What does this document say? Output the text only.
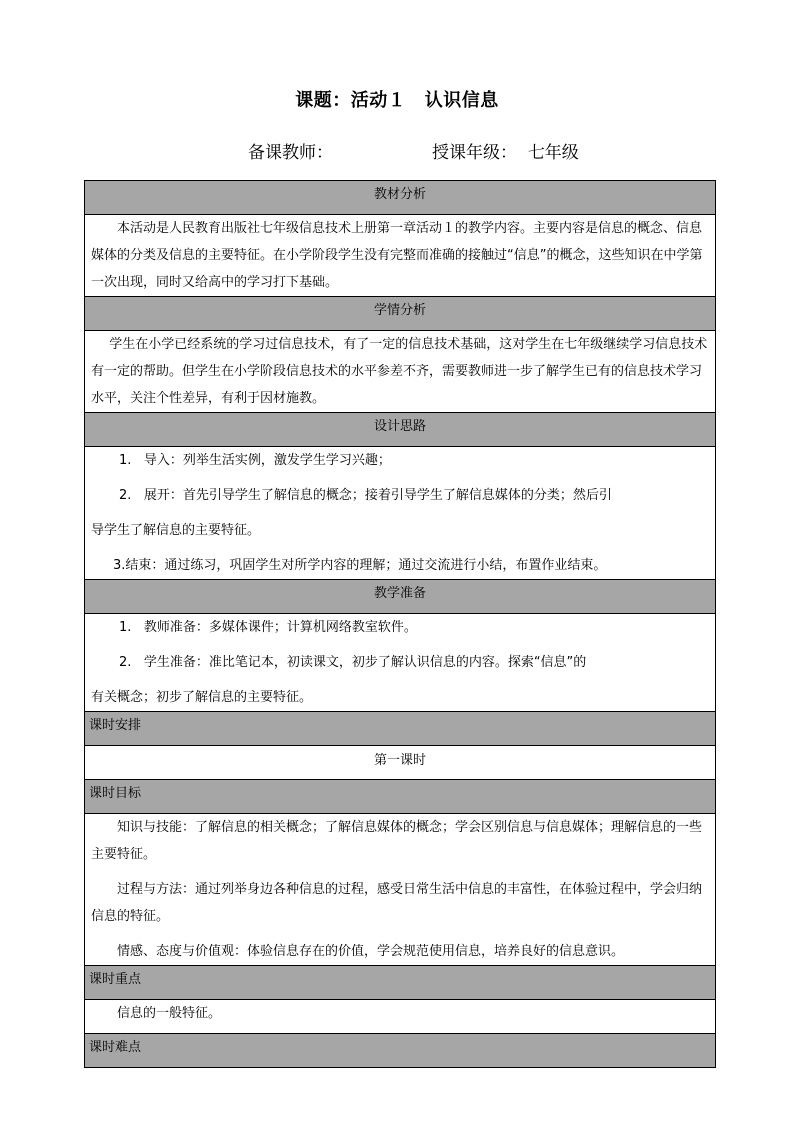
课题：活动１　认识信息
备课教师：	授课年级： 七年级
教材分析

本活动是人民教育出版社七年级信息技术上册第一章活动１的教学内容。主要内容是信息的概念、信息媒体的分类及信息的主要特征。在小学阶段学生没有完整而准确的接触过“信息”的概念，这些知识在中学第一次出现，同时又给高中的学习打下基础。

学情分析

学生在小学已经系统的学习过信息技术，有了一定的信息技术基础，这对学生在七年级继续学习信息技术有一定的帮助。但学生在小学阶段信息技术的水平参差不齐，需要教师进一步了解学生已有的信息技术学习水平，关注个性差异，有利于因材施教。

设计思路

1. 导入：列举生活实例，激发学生学习兴趣；

2. 展开：首先引导学生了解信息的概念；接着引导学生了解信息媒体的分类；然后引

导学生了解信息的主要特征。

3.结束：通过练习，巩固学生对所学内容的理解；通过交流进行小结，布置作业结束。

教学准备

1. 教师准备：多媒体课件；计算机网络教室软件。

2. 学生准备：准比笔记本，初读课文，初步了解认识信息的内容。探索“信息”的

有关概念；初步了解信息的主要特征。

课时安排
第一课时
课时目标

知识与技能：了解信息的相关概念；了解信息媒体的概念；学会区别信息与信息媒体；理解信息的一些主要特征。

过程与方法：通过列举身边各种信息的过程，感受日常生活中信息的丰富性，在体验过程中，学会归纳信息的特征。

情感、态度与价值观：体验信息存在的价值，学会规范使用信息，培养良好的信息意识。

课时重点

信息的一般特征。

课时难点
